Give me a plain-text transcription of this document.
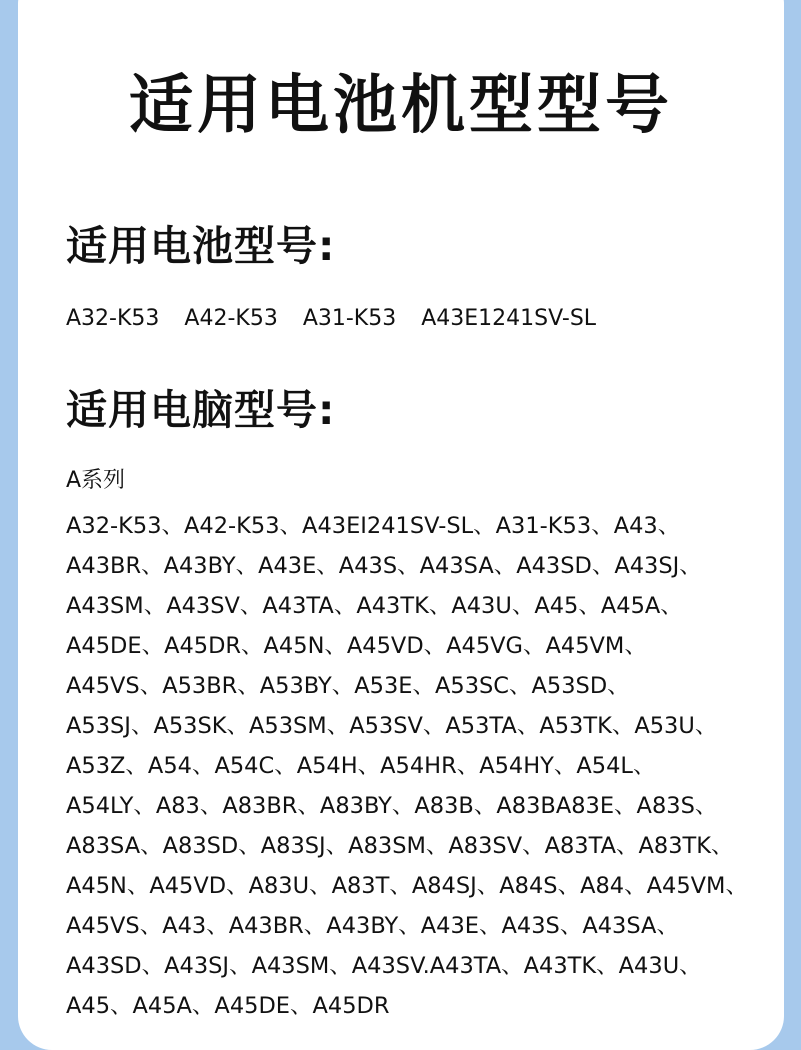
适用电池机型型号
适用电池型号:

A32-K53 A42-K53 A31-K53 A43E1241SV-SL

适用电脑型号:

A系列

A32-K53、A42-K53、A43EI241SV-SL、A31-K53、A43、
A43BR、A43BY、A43E、A43S、A43SA、A43SD、A43SJ、
A43SM、A43SV、A43TA、A43TK、A43U、A45、A45A、
A45DE、A45DR、A45N、A45VD、A45VG、A45VM、
A45VS、A53BR、A53BY、A53E、A53SC、A53SD、
A53SJ、A53SK、A53SM、A53SV、A53TA、A53TK、A53U、
A53Z、A54、A54C、A54H、A54HR、A54HY、A54L、
A54LY、A83、A83BR、A83BY、A83B、A83BA83E、A83S、
A83SA、A83SD、A83SJ、A83SM、A83SV、A83TA、A83TK、
A45N、A45VD、A83U、A83T、A84SJ、A84S、A84、A45VM、
A45VS、A43、A43BR、A43BY、A43E、A43S、A43SA、
A43SD、A43SJ、A43SM、A43SV.A43TA、A43TK、A43U、
A45、A45A、A45DE、A45DR
